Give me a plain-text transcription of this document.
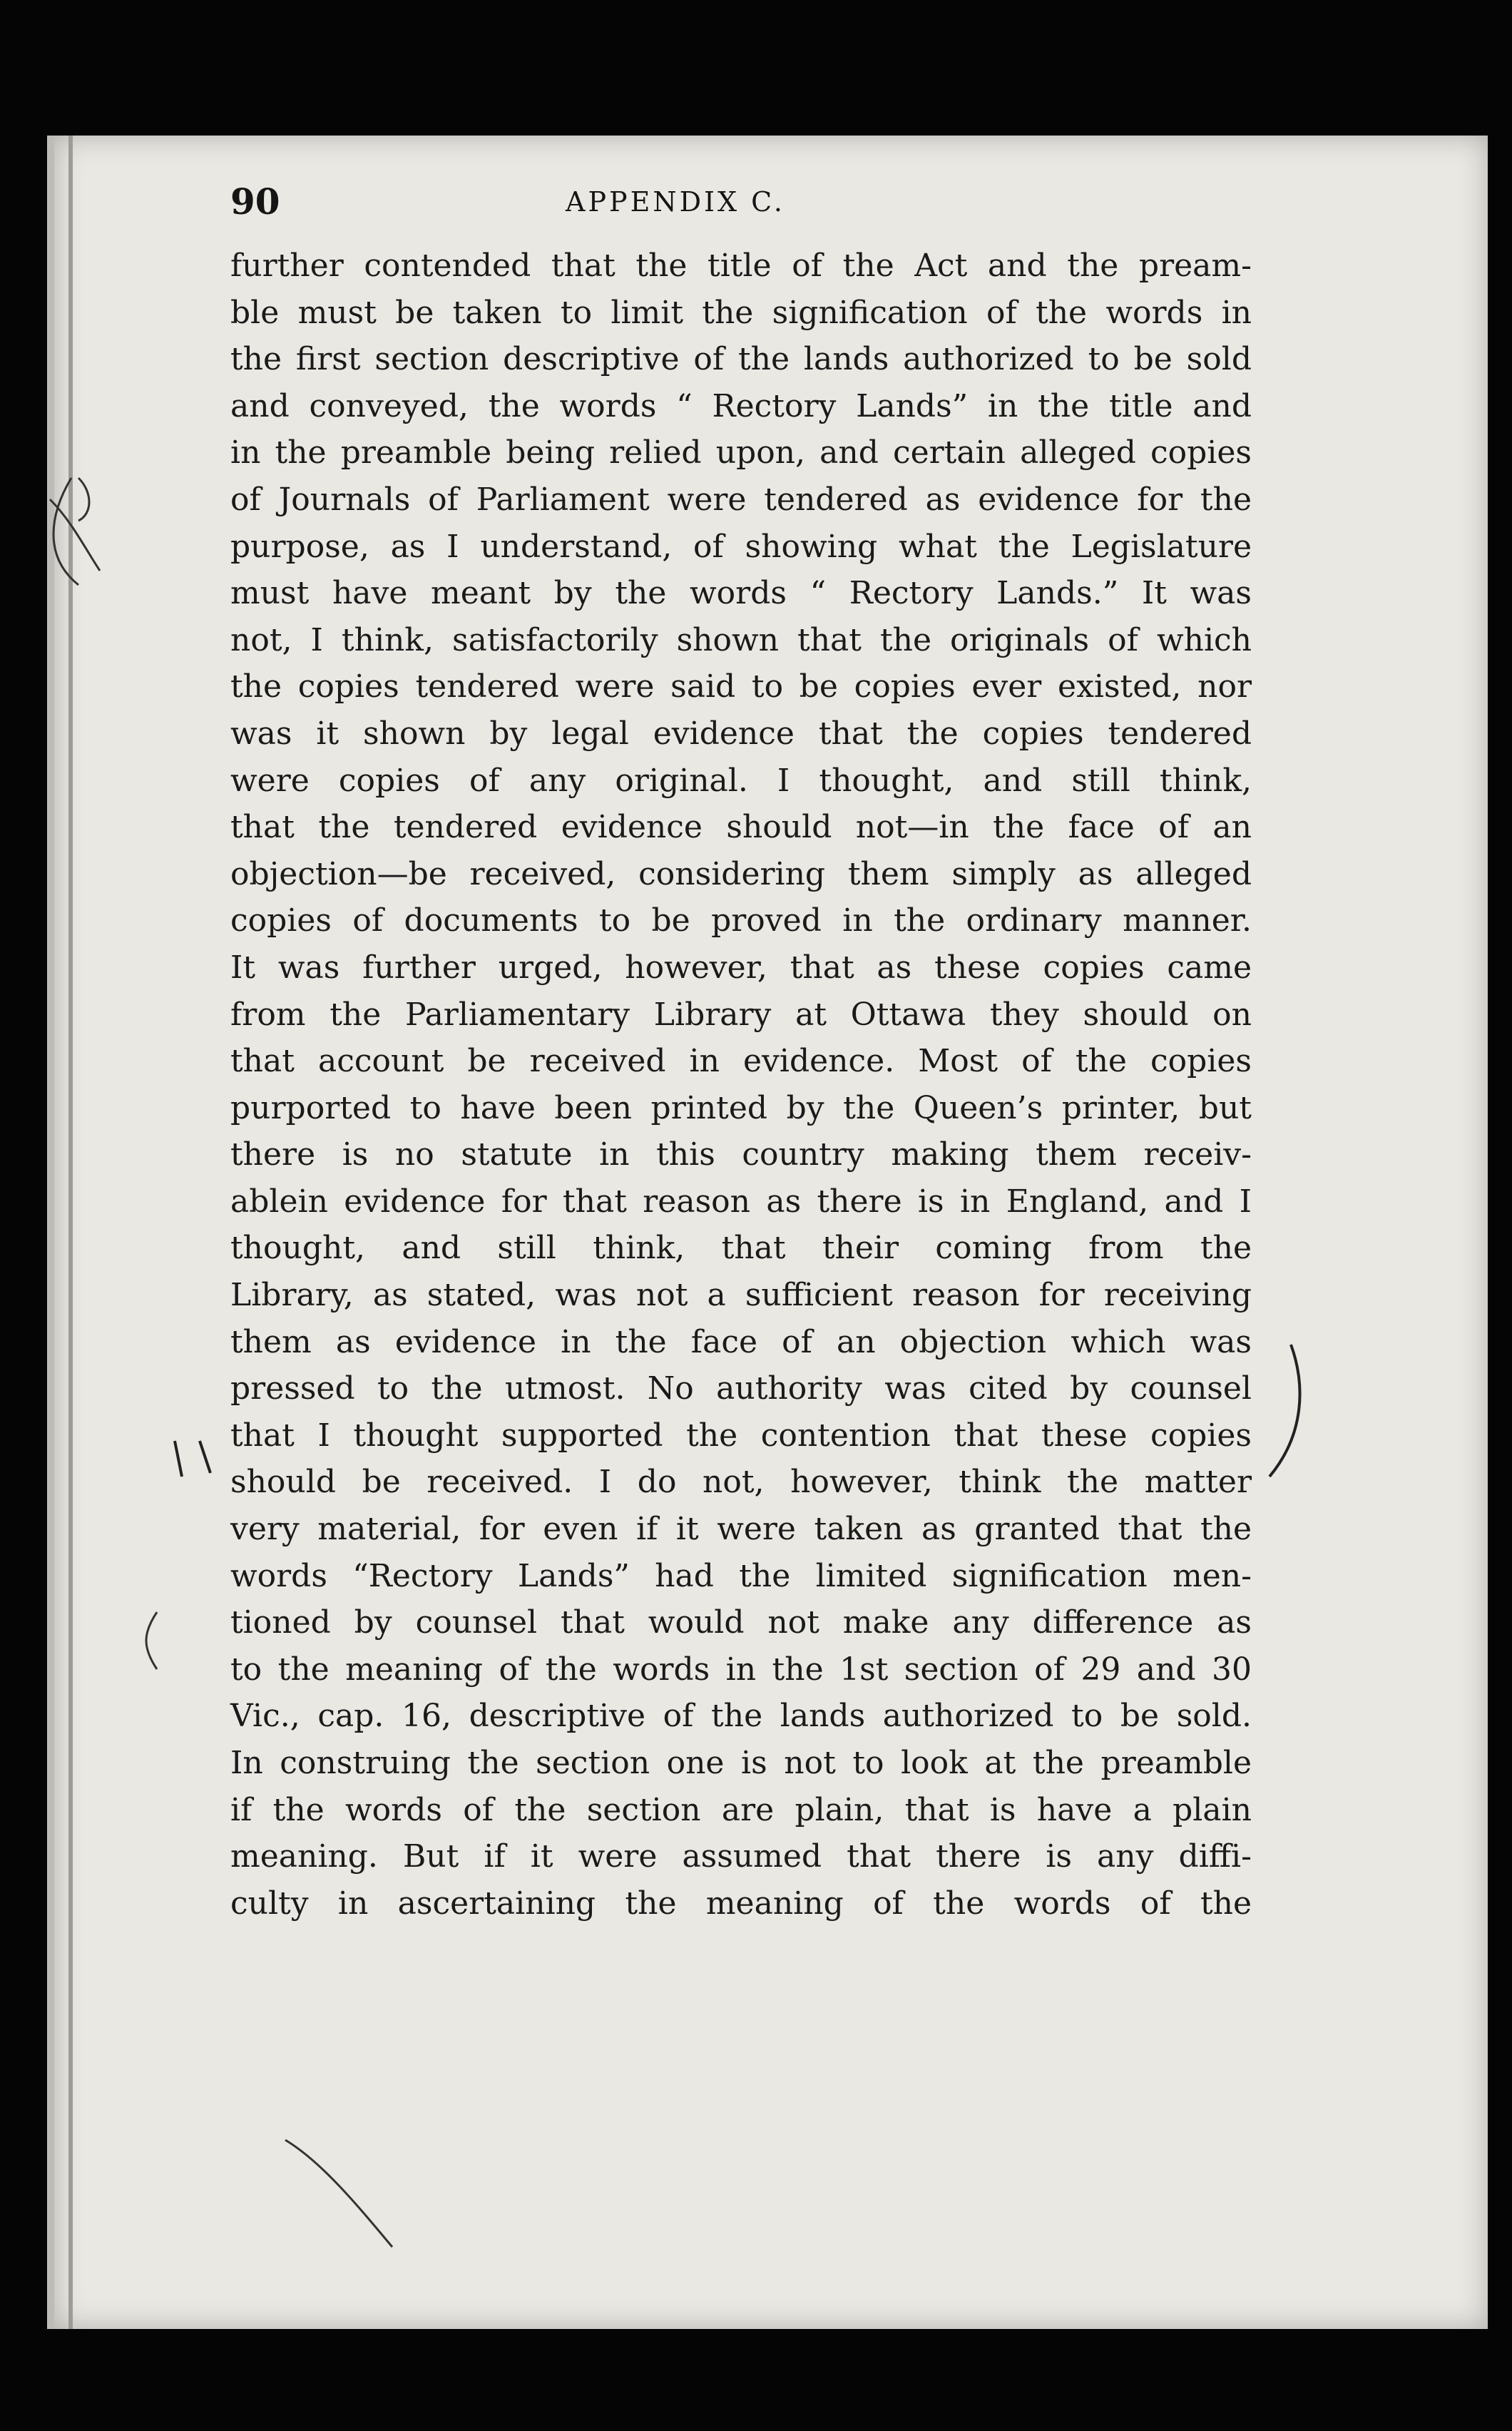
90	APPENDIX C.
further contended that the title of the Act and the pream-
ble must be taken to limit the signification of the words in
the first section descriptive of the lands authorized to be sold
and conveyed, the words “ Rectory Lands” in the title and
in the preamble being relied upon, and certain alleged copies
of Journals of Parliament were tendered as evidence for the
purpose, as I understand, of showing what the Legislature
must have meant by the words “ Rectory Lands.” It was
not, I think, satisfactorily shown that the originals of which
the copies tendered were said to be copies ever existed, nor
was it shown by legal evidence that the copies tendered
were copies of any original. I thought, and still think,
that the tendered evidence should not—in the face of an
objection—be received, considering them simply as alleged
copies of documents to be proved in the ordinary manner.
It was further urged, however, that as these copies came
from the Parliamentary Library at Ottawa they should on
that account be received in evidence. Most of the copies
purported to have been printed by the Queen’s printer, but
there is no statute in this country making them receiv-
ablein evidence for that reason as there is in England, and I
thought, and still think, that their coming from the
Library, as stated, was not a sufficient reason for receiving
them as evidence in the face of an objection which was
pressed to the utmost. No authority was cited by counsel
that I thought supported the contention that these copies
should be received. I do not, however, think the matter
very material, for even if it were taken as granted that the
words “Rectory Lands” had the limited signification men-
tioned by counsel that would not make any difference as
to the meaning of the words in the 1st section of 29 and 30
Vic., cap. 16, descriptive of the lands authorized to be sold.
In construing the section one is not to look at the preamble
if the words of the section are plain, that is have a plain
meaning. But if it were assumed that there is any diffi-
culty in ascertaining the meaning of the words of the
